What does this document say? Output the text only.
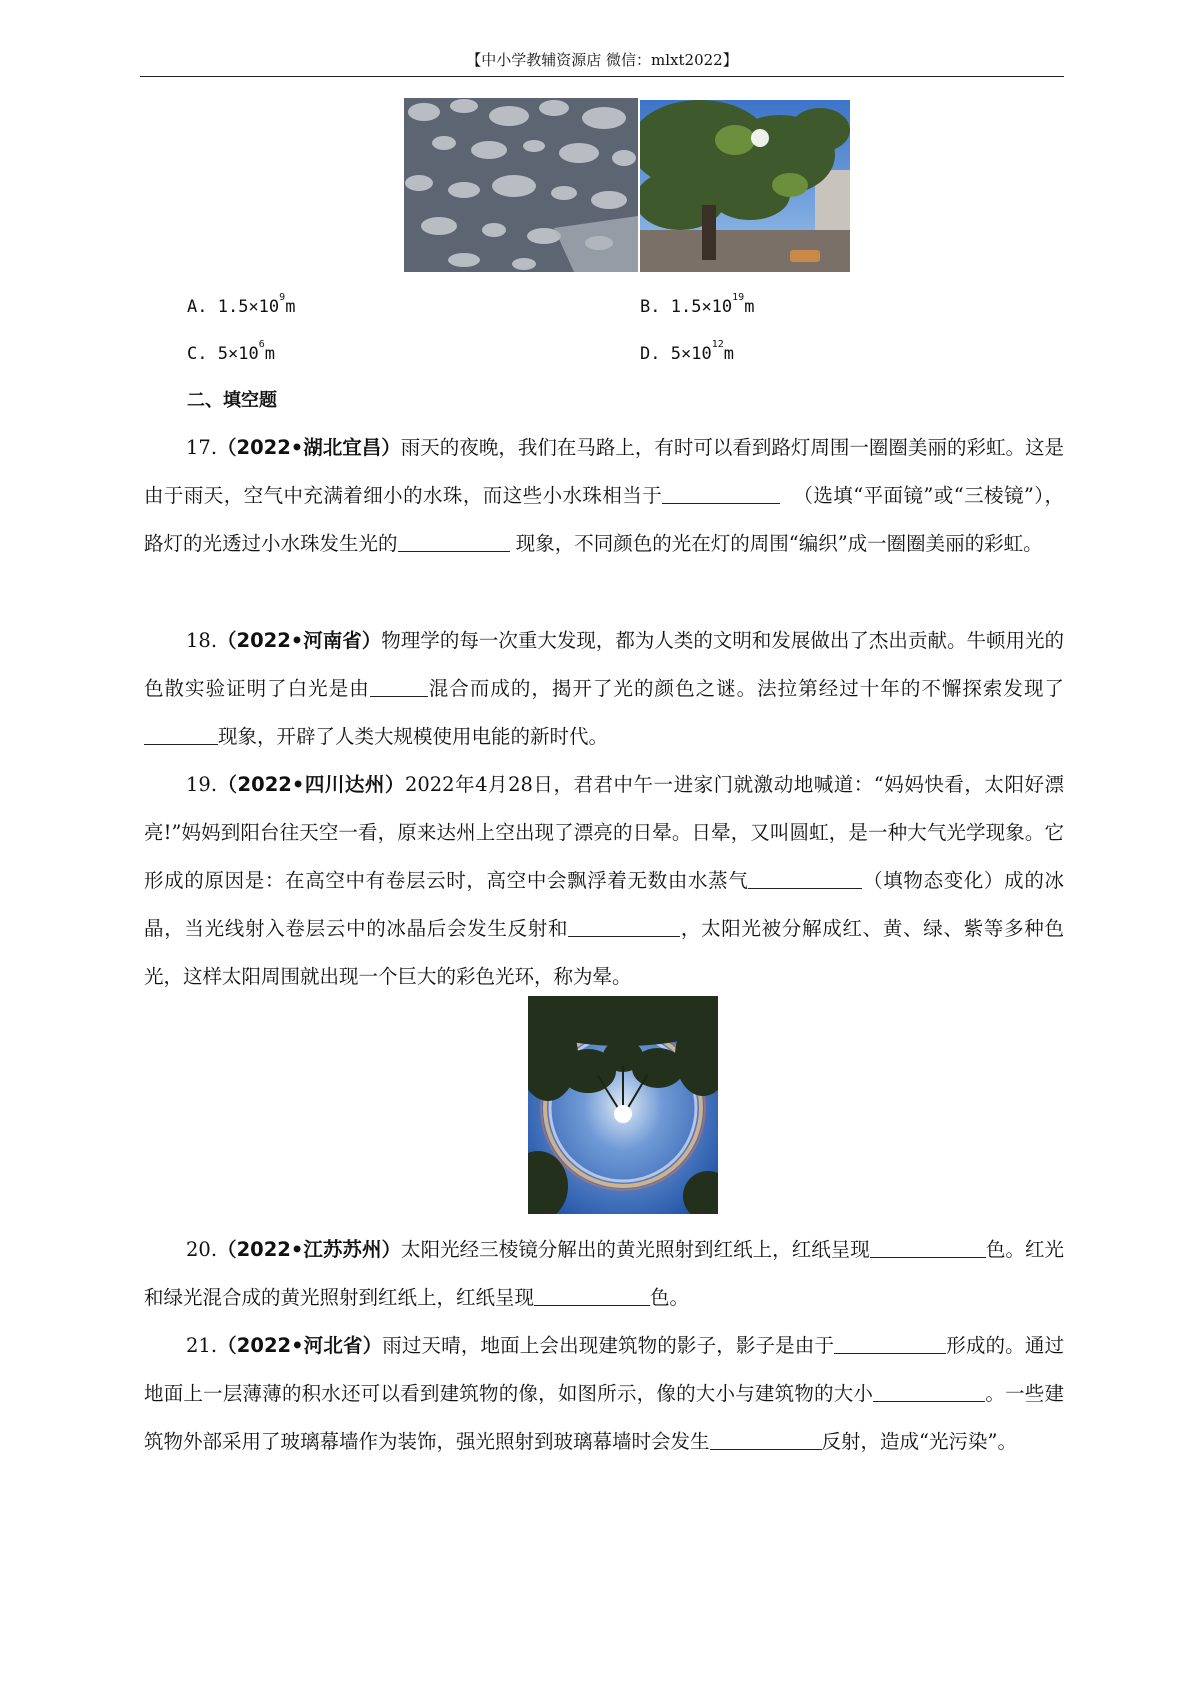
【中小学教辅资源店 微信：mlxt2022】
A. $1.5\times 10^9m$	B. $1.5\times 10^{19}m$
C. $5\times 10^6m$	D. $5\times 10^{12}m$
二、填空题

17.（2022•湖北宜昌）雨天的夜晚，我们在马路上，有时可以看到路灯周围一圈圈美丽的彩虹。这是由于雨天，空气中充满着细小的水珠，而这些小水珠相当于	（选填“平面镜”或“三棱镜”），路灯的光透过小水珠发生光的	现象，不同颜色的光在灯的周围“编织”成一圈圈美丽的彩虹。

18.（2022•河南省）物理学的每一次重大发现，都为人类的文明和发展做出了杰出贡献。牛顿用光的色散实验证明了白光是由	混合而成的，揭开了光的颜色之谜。法拉第经过十年的不懈探索发现了现象，开辟了人类大规模使用电能的新时代。

19.（2022•四川达州）2022年4月28日，君君中午一进家门就激动地喊道：“妈妈快看，太阳好漂亮!”妈妈到阳台往天空一看，原来达州上空出现了漂亮的日晕。日晕，又叫圆虹，是一种大气光学现象。它形成的原因是：在高空中有卷层云时，高空中会飘浮着无数由水蒸气	（填物态变化）成的冰晶，当光线射入卷层云中的冰晶后会发生反射和	，太阳光被分解成红、黄、绿、紫等多种色光，这样太阳周围就出现一个巨大的彩色光环，称为晕。

20.（2022•江苏苏州）太阳光经三棱镜分解出的黄光照射到红纸上，红纸呈现	色。红光和绿光混合成的黄光照射到红纸上，红纸呈现	色。

21.（2022•河北省）雨过天晴，地面上会出现建筑物的影子，影子是由于	形成的。通过地面上一层薄薄的积水还可以看到建筑物的像，如图所示，像的大小与建筑物的大小	。一些建筑物外部采用了玻璃幕墙作为装饰，强光照射到玻璃幕墙时会发生	反射，造成“光污染”。
